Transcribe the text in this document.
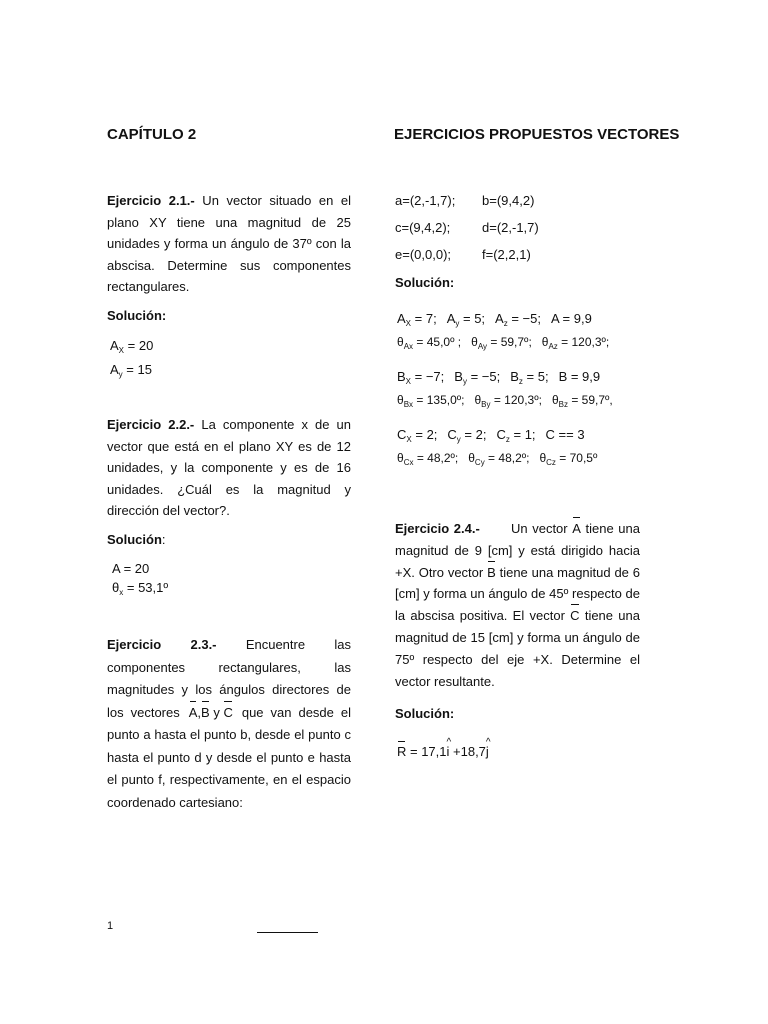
CAPÍTULO 2	EJERCICIOS PROPUESTOS VECTORES
Ejercicio 2.1.- Un vector situado en el plano XY tiene una magnitud de 25 unidades y forma un ángulo de 37º con la abscisa. Determine sus componentes rectangulares.
Solución:
$A_X = 20$
$A_y = 15$
Ejercicio 2.2.- La componente x de un vector que está en el plano XY es de 12 unidades, y la componente y es de 16 unidades. ¿Cuál es la magnitud y dirección del vector?.
Solución:
A = 20
$\theta_x$ = 53,1º
Ejercicio 2.3.- Encuentre las componentes rectangulares, las magnitudes y los ángulos directores de los vectores A,B y C que van desde el punto a hasta el punto b, desde el punto c hasta el punto d y desde el punto e hasta el punto f, respectivamente, en el espacio coordenado cartesiano:
a=(2,-1,7);	b=(9,4,2)
c=(9,4,2);	d=(2,-1,7)
e=(0,0,0);	f=(2,2,1)
Solución:
$A_X = 7$; $A_y = 5$; $A_z = -5$; A = 9,9
$\theta_{Ax}$ = 45,0º ; $\theta_{Ay}$ = 59,7º; $\theta_{Az}$ = 120,3º;
$B_X = -7$; $B_y = -5$; $B_z = 5$; B = 9,9
$\theta_{Bx}$ = 135,0º; $\theta_{By}$ = 120,3º; $\theta_{Bz}$ = 59,7º,
$C_X = 2$; $C_y = 2$; $C_z = 1$; C == 3
$\theta_{Cx}$ = 48,2º; $\theta_{Cy}$ = 48,2º; $\theta_{Cz}$ = 70,5º
Ejercicio 2.4.- Un vector A tiene una magnitud de 9 [cm] y está dirigido hacia +X. Otro vector B tiene una magnitud de 6 [cm] y forma un ángulo de 45º respecto de la abscisa positiva. El vector C tiene una magnitud de 15 [cm] y forma un ángulo de 75º respecto del eje +X. Determine el vector resultante.
Solución:
R = 17,1^ i +18,7^ j
1
